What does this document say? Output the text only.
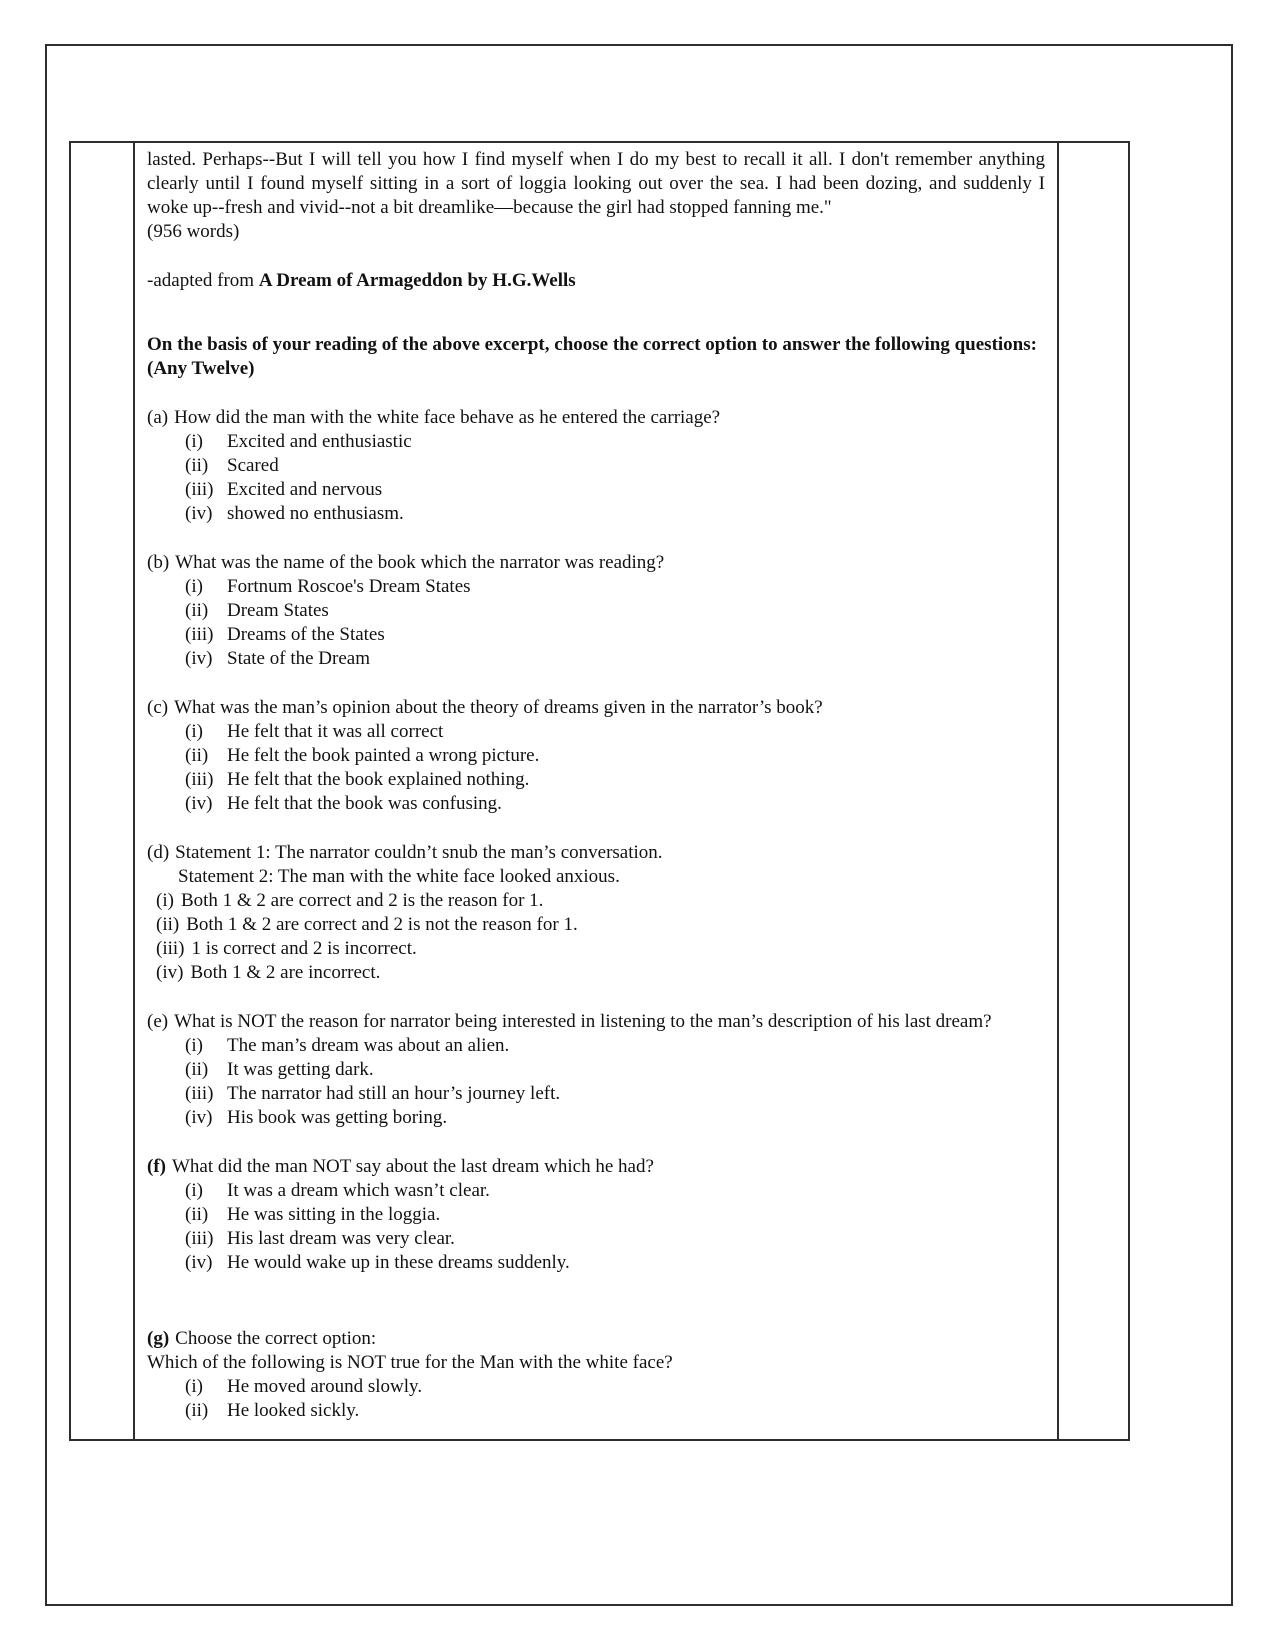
lasted. Perhaps--But I will tell you how I find myself when I do my best to recall it all. I don't remember anything clearly until I found myself sitting in a sort of loggia looking out over the sea. I had been dozing, and suddenly I woke up--fresh and vivid--not a bit dreamlike—because the girl had stopped fanning me."

(956 words)

-adapted from A Dream of Armageddon by H.G.Wells

On the basis of your reading of the above excerpt, choose the correct option to answer the following questions: (Any Twelve)

(a) How did the man with the white face behave as he entered the carriage?

(i) Excited and enthusiastic

(ii) Scared

(iii) Excited and nervous

(iv) showed no enthusiasm.

(b) What was the name of the book which the narrator was reading?

(i) Fortnum Roscoe's Dream States

(ii) Dream States

(iii) Dreams of the States

(iv) State of the Dream

(c) What was the man’s opinion about the theory of dreams given in the narrator’s book?

(i) He felt that it was all correct

(ii) He felt the book painted a wrong picture.

(iii) He felt that the book explained nothing.

(iv) He felt that the book was confusing.

(d) Statement 1: The narrator couldn’t snub the man’s conversation.

Statement 2: The man with the white face looked anxious.

(i) Both 1 & 2 are correct and 2 is the reason for 1.

(ii) Both 1 & 2 are correct and 2 is not the reason for 1.

(iii) 1 is correct and 2 is incorrect.

(iv) Both 1 & 2 are incorrect.

(e) What is NOT the reason for narrator being interested in listening to the man’s description of his last dream?

(i) The man’s dream was about an alien.

(ii) It was getting dark.

(iii) The narrator had still an hour’s journey left.

(iv) His book was getting boring.

(f) What did the man NOT say about the last dream which he had?

(i) It was a dream which wasn’t clear.

(ii) He was sitting in the loggia.

(iii) His last dream was very clear.

(iv) He would wake up in these dreams suddenly.

(g) Choose the correct option:

Which of the following is NOT true for the Man with the white face?

(i) He moved around slowly.

(ii) He looked sickly.
